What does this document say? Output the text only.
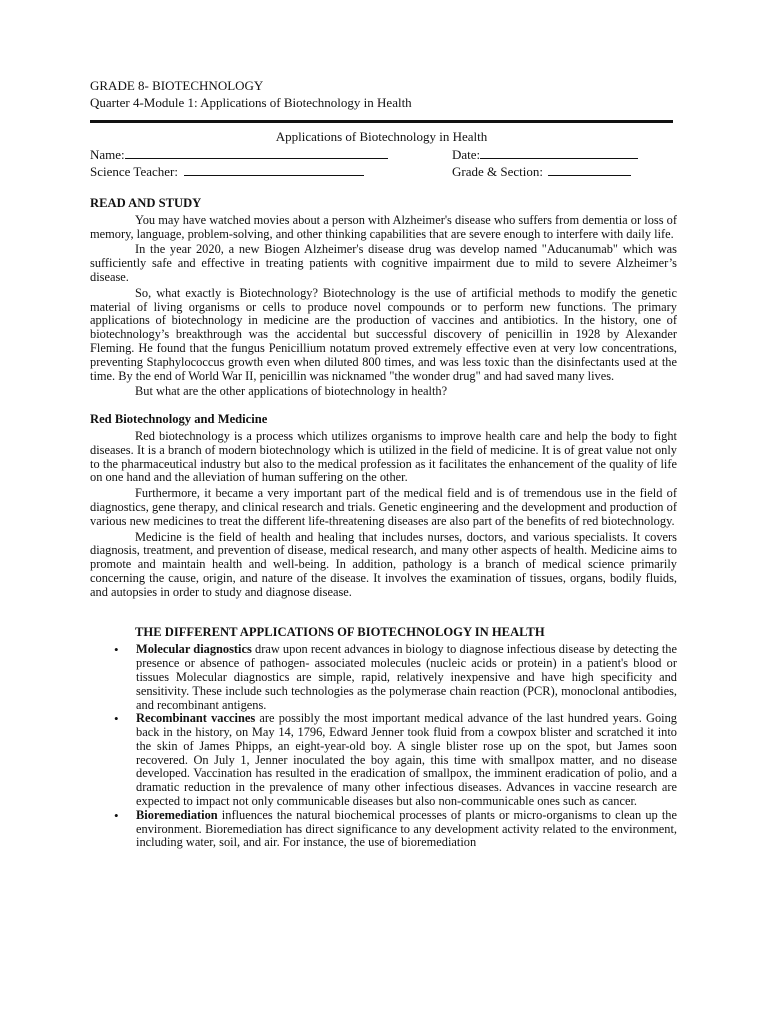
GRADE 8- BIOTECHNOLOGY
Quarter 4-Module 1: Applications of Biotechnology in Health
Applications of Biotechnology in Health
Name:	Date:
Science Teacher:	Grade & Section:
READ AND STUDY

You may have watched movies about a person with Alzheimer's disease who suffers from dementia or loss of memory, language, problem-solving, and other thinking capabilities that are severe enough to interfere with daily life.

In the year 2020, a new Biogen Alzheimer's disease drug was develop named "Aducanumab" which was sufficiently safe and effective in treating patients with cognitive impairment due to mild to severe Alzheimer’s disease.

So, what exactly is Biotechnology? Biotechnology is the use of artificial methods to modify the genetic material of living organisms or cells to produce novel compounds or to perform new functions. The primary applications of biotechnology in medicine are the production of vaccines and antibiotics. In the history, one of biotechnology’s breakthrough was the accidental but successful discovery of penicillin in 1928 by Alexander Fleming. He found that the fungus Penicillium notatum proved extremely effective even at very low concentrations, preventing Staphylococcus growth even when diluted 800 times, and was less toxic than the disinfectants used at the time. By the end of World War II, penicillin was nicknamed "the wonder drug" and had saved many lives.

But what are the other applications of biotechnology in health?

Red Biotechnology and Medicine

Red biotechnology is a process which utilizes organisms to improve health care and help the body to fight diseases. It is a branch of modern biotechnology which is utilized in the field of medicine. It is of great value not only to the pharmaceutical industry but also to the medical profession as it facilitates the enhancement of the quality of life on one hand and the alleviation of human suffering on the other.

Furthermore, it became a very important part of the medical field and is of tremendous use in the field of diagnostics, gene therapy, and clinical research and trials. Genetic engineering and the development and production of various new medicines to treat the different life-threatening diseases are also part of the benefits of red biotechnology.

Medicine is the field of health and healing that includes nurses, doctors, and various specialists. It covers diagnosis, treatment, and prevention of disease, medical research, and many other aspects of health. Medicine aims to promote and maintain health and well-being. In addition, pathology is a branch of medical science primarily concerning the cause, origin, and nature of the disease. It involves the examination of tissues, organs, bodily fluids, and autopsies in order to study and diagnose disease.

THE DIFFERENT APPLICATIONS OF BIOTECHNOLOGY IN HEALTH
• Molecular diagnostics draw upon recent advances in biology to diagnose infectious disease by detecting the presence or absence of pathogen- associated molecules (nucleic acids or protein) in a patient's blood or tissues Molecular diagnostics are simple, rapid, relatively inexpensive and have high specificity and sensitivity. These include such technologies as the polymerase chain reaction (PCR), monoclonal antibodies, and recombinant antigens.
• Recombinant vaccines are possibly the most important medical advance of the last hundred years. Going back in the history, on May 14, 1796, Edward Jenner took fluid from a cowpox blister and scratched it into the skin of James Phipps, an eight-year-old boy. A single blister rose up on the spot, but James soon recovered. On July 1, Jenner inoculated the boy again, this time with smallpox matter, and no disease developed. Vaccination has resulted in the eradication of smallpox, the imminent eradication of polio, and a dramatic reduction in the prevalence of many other infectious diseases. Advances in vaccine research are expected to impact not only communicable diseases but also non-communicable ones such as cancer.
• Bioremediation influences the natural biochemical processes of plants or micro-organisms to clean up the environment. Bioremediation has direct significance to any development activity related to the environment, including water, soil, and air. For instance, the use of bioremediation
